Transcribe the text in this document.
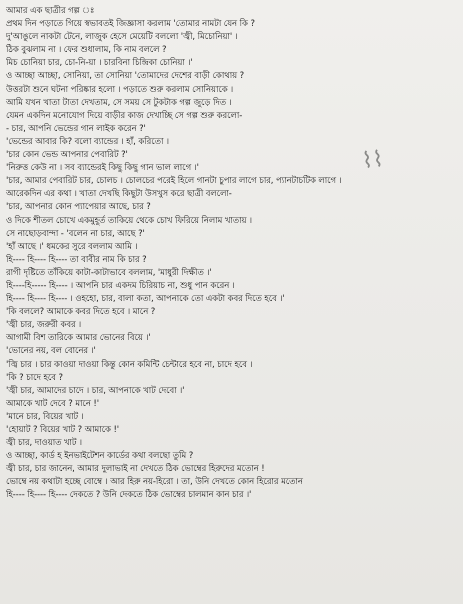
⌇⌇
আমার এক ছাত্রীর গল্প ঃ
প্রথম দিন পড়াতে গিয়ে স্বভাবতই জিজ্ঞাসা করলাম 'তোমার নামটা যেন কি ?
দু'আঙুলে নাকটা টেনে, লাজুক হেসে মেয়েটি বললো 'জ্বী, মিচোনিয়া' ।
ঠিক বুঝলাম না । ফের শুধালাম, কি নাম বললে ?
মিচ চোনিয়া চার, চো-নি-য়া । চারবিনা চিন্দ্রিকা চোনিয়া ।'
ও আচ্ছা আচ্ছা, সোনিয়া, তা সোনিয়া 'তোমাদের দেশের বাড়ী কোথায় ?
উত্তরটা শুনে ঘটনা পরিষ্কার হলো । পড়াতে শুরু করলাম সোনিয়াকে ।
আমি যখন খাতা টাতা দেখতাম, সে সময় সে টুকটাক গল্প জুড়ে দিত ।
যেমন একদিন মনোযোগ দিয়ে বাড়ীর কাজ দেখাচ্ছি সে গল্প শুরু করলো-
- চার, আপনি ভেন্ডের গান লাইক করেন ?'
'ভেন্ডের আবার কি? বলো ব্যান্ডের । হাঁ, করিতো ।
'চার কোন ভেন্ড আপনার পেবারিট ?'
'নিরুত্ত কেউ না । সব ব্যান্ডেরই কিছু কিছু গান ভাল লাগে ।'
'চার, আমার পেবারিট চার, চোলচ । চোলচের পরেই হিলে গানটা চুপার লাগে চার, প্যানটাচটিক লাগে ।
আরেকদিন এর কথা । খাতা দেখছি কিছুটা উসখুস করে ছাত্রী বললো-
'চার, আপনার কোন প্যাপেয়ার আছে, চার ?
ও দিকে শীতল চোখে একমুহূর্ত তাকিয়ে থেকে চোখ ফিরিয়ে নিলাম খাতায় ।
সে নাছোড়বান্দা - 'বলেন না চার, আছে ?'
'হাঁ আছে ।' ধমকের সুরে বললাম আমি ।
হি---- হি---- হি---- তা বাবীর নাম কি চার ?
রাগী দৃষ্টিতে তাঁকিয়ে কাটা-কাটাভাবে বললাম, 'মাধুরী দিক্ষীত ।'
হি----হি----- হি---- । আপনি চার একদম চিরিয়াচ না, শুধু পান করেন ।
হি---- হি---- হি---- । ওহহো, চার, বালা কতা, আপনাকে তো একটা কবর দিতে হবে ।'
'কি বললে? আমাকে কবর দিতে হবে । মানে ?
'জ্বী চার, জরুরী কবর ।
আগামী বিশ তারিকে আমার ভোনের বিয়ে ।'
'ভোনের নয়, বল বোনের ।'
'জ্বি চার । চার কাওয়া দাওয়া কিন্তু কোন কমিন্টি চেন্টারে হবে না, চাদে হবে ।
'কি ? চাদে হবে ?
'জ্বী চার, আমাদের চাদে । চার, আপনাকে খাট দেবো ।'
আমাকে খাট দেবে ? মানে !'
'মানে চার, বিয়ের খাট ।
'হোয়াট ? বিয়ের খাট ? আমাকে !'
জ্বী চার, দাওয়াত খাট ।
ও আচ্ছা, কার্ড হ ইনভাইটেশন কার্ডের কথা বলছো তুমি ?
জ্বী চার, চার জানেন, আমার দুলাভাই না দেখতে ঠিক ভোম্বের হিরুদের মতোন !
ভোম্বে নয় কথাটা হচ্ছে বোম্বে । আর হিরু নয়-হিরো । তা, উনি দেখতে কোন হিরোর মতোন
হি---- হি---- হি---- দেকতে ? উনি দেকতে ঠিক ভোম্বের চালমান কান চার ।'
